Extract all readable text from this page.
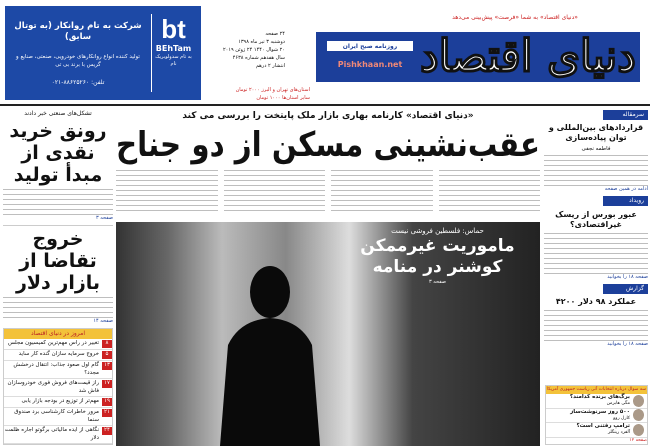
bt
BEhTam
به تام سدولوبریک نام
شرکت به تام روانکار (به توتال سابق)
تولید کننده انواع روانکارهای خودرویی، صنعتی، صنایع و گریس با برند بی تی
تلفن: ۸۸۶۲۵۲۶۰-۰۲۱
۲۴ صفحه
دوشنبه ۳ تیر ماه ۱۳۹۸
۲۰ شوال ۱۴۴۰ ۲۴ ژوئن ۲۰۱۹
سال هفدهم شماره ۴۶۳۸
انتشار ۲ درهم
استان‌های تهران و البرز ۲۰۰۰ تومان
سایر استان‌ها ۱۰۰۰ تومان
دنیای اقتصاد
«دنیای اقتصاد» به شما «فرصت» پیش‌بینی می‌دهد
روزنامه صبح ایران
Pishkhaan.net
تشکل‌های صنعتی خبر دادند
رونق خرید نقدی از مبدأ تولید
صفحه ۳
خروج تقاضا از بازار دلار
صفحه ۱۴
امروز در دنیای اقتصاد
۸
تغییر در راس مهم‌ترین کمیسیون مجلس
۵
خروج سرمایه سازان گنده کار ساید
۱۳
گام اول صعود جذاب: انتقال درخشش مجدد؟
۱۷
راز قیمت‌های فروش فوری خودروسازان فاش شد
۱۹
مهم‌تر از توزیع در بودجه بازار یابی
۲۱
مرور خاطرات کارشناسی برد صندوق سنما
۲۴
نگاهی از ایده مالیاتی برگوتو اجاره ظلمت دلار
«دنیای اقتصاد» کارنامه بهاری بازار ملک پایتخت را بررسی می کند
عقب‌نشینی مسکن از دو جناح
حماس: فلسطین فروشی نیست
ماموریت غیرممکن کوشنر در منامه
صفحه ۳
سرمقاله
قراردادهای بین‌المللی و توان پیاده‌سازی
فاطمه نجفی
ادامه در همین صفحه
رویداد
عبور بورس از ریسک غیراقتصادی؟
صفحه ۱۸ را بخوانید
گزارش
عملکرد ۹۸ دلار ۴۲۰۰
صفحه ۱۸ را بخوانید
سه سوال درباره انتخابات آتی ریاست جمهوری آمریکا
برگ‌های برنده کدامند؟
مگی هابرمن
۵۰۰ روز سرنوشت‌ساز
کارل روو
ترامپ رفتنی است؟
آلفرد رینگلر
صفحه ۱۲
